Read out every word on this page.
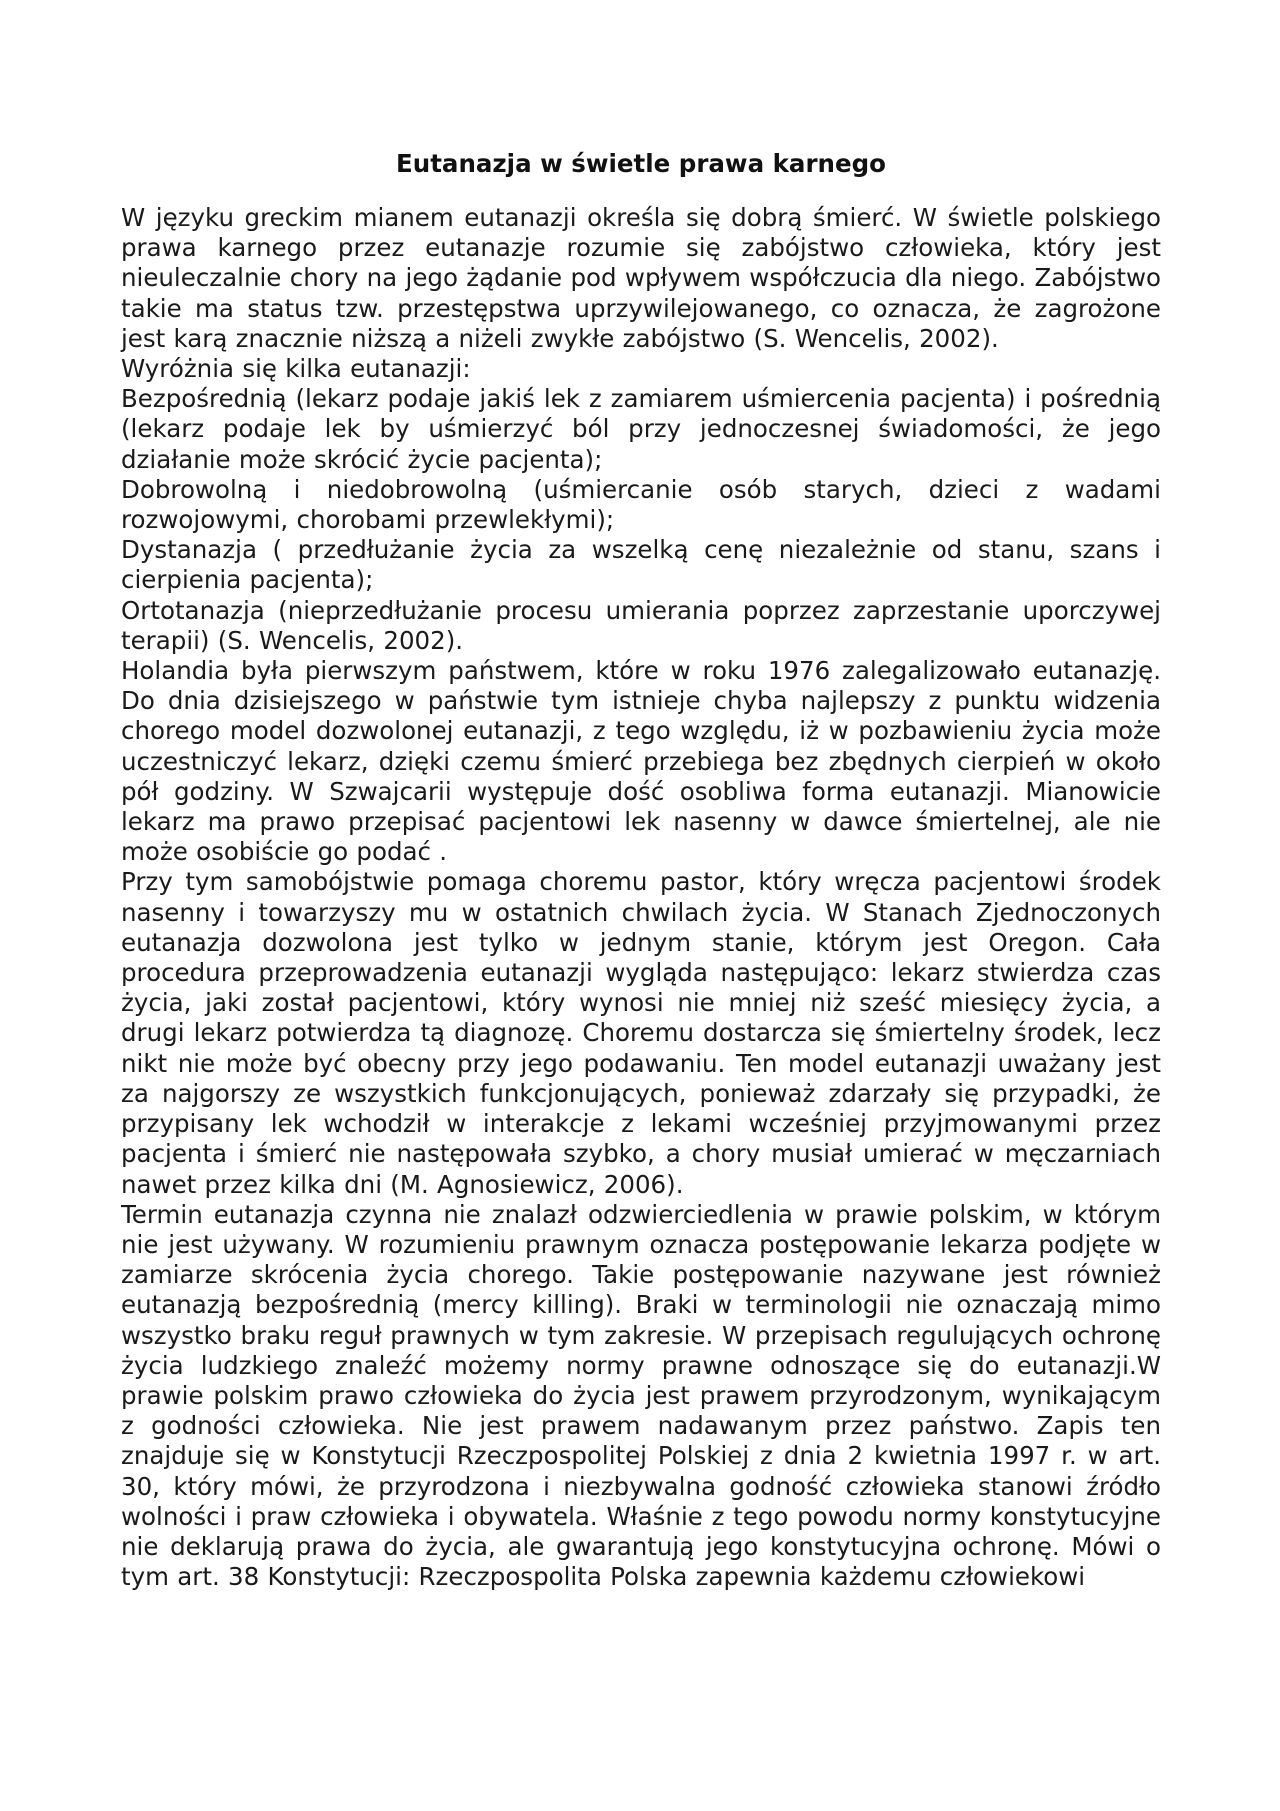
Eutanazja w świetle prawa karnego

W języku greckim mianem eutanazji określa się dobrą śmierć. W świetle polskiego prawa karnego przez eutanazje rozumie się zabójstwo człowieka, który jest nieuleczalnie chory na jego żądanie pod wpływem współczucia dla niego. Zabójstwo takie ma status tzw. przestępstwa uprzywilejowanego, co oznacza, że zagrożone jest karą znacznie niższą a niżeli zwykłe zabójstwo (S. Wencelis, 2002).

Wyróżnia się kilka eutanazji:

Bezpośrednią (lekarz podaje jakiś lek z zamiarem uśmiercenia pacjenta) i pośrednią (lekarz podaje lek by uśmierzyć ból przy jednoczesnej świadomości, że jego działanie może skrócić życie pacjenta);

Dobrowolną i niedobrowolną (uśmiercanie osób starych, dzieci z wadami rozwojowymi, chorobami przewlekłymi);

Dystanazja ( przedłużanie życia za wszelką cenę niezależnie od stanu, szans i cierpienia pacjenta);

Ortotanazja (nieprzedłużanie procesu umierania poprzez zaprzestanie uporczywej terapii) (S. Wencelis, 2002).

Holandia była pierwszym państwem, które w roku 1976 zalegalizowało eutanazję. Do dnia dzisiejszego w państwie tym istnieje chyba najlepszy z punktu widzenia chorego model dozwolonej eutanazji, z tego względu, iż w pozbawieniu życia może uczestniczyć lekarz, dzięki czemu śmierć przebiega bez zbędnych cierpień w około pół godziny. W Szwajcarii występuje dość osobliwa forma eutanazji. Mianowicie lekarz ma prawo przepisać pacjentowi lek nasenny w dawce śmiertelnej, ale nie może osobiście go podać .

Przy tym samobójstwie pomaga choremu pastor, który wręcza pacjentowi środek nasenny i towarzyszy mu w ostatnich chwilach życia. W Stanach Zjednoczonych eutanazja dozwolona jest tylko w jednym stanie, którym jest Oregon. Cała procedura przeprowadzenia eutanazji wygląda następująco: lekarz stwierdza czas życia, jaki został pacjentowi, który wynosi nie mniej niż sześć miesięcy życia, a drugi lekarz potwierdza tą diagnozę. Choremu dostarcza się śmiertelny środek, lecz nikt nie może być obecny przy jego podawaniu. Ten model eutanazji uważany jest za najgorszy ze wszystkich funkcjonujących, ponieważ zdarzały się przypadki, że przypisany lek wchodził w interakcje z lekami wcześniej przyjmowanymi przez pacjenta i śmierć nie następowała szybko, a chory musiał umierać w męczarniach nawet przez kilka dni (M. Agnosiewicz, 2006).

Termin eutanazja czynna nie znalazł odzwierciedlenia w prawie polskim, w którym nie jest używany. W rozumieniu prawnym oznacza postępowanie lekarza podjęte w zamiarze skrócenia życia chorego. Takie postępowanie nazywane jest również eutanazją bezpośrednią (mercy killing). Braki w terminologii nie oznaczają mimo wszystko braku reguł prawnych w tym zakresie. W przepisach regulujących ochronę życia ludzkiego znaleźć możemy normy prawne odnoszące się do eutanazji.W prawie polskim prawo człowieka do życia jest prawem przyrodzonym, wynikającym z godności człowieka. Nie jest prawem nadawanym przez państwo. Zapis ten znajduje się w Konstytucji Rzeczpospolitej Polskiej z dnia 2 kwietnia 1997 r. w art. 30, który mówi, że przyrodzona i niezbywalna godność człowieka stanowi źródło wolności i praw człowieka i obywatela. Właśnie z tego powodu normy konstytucyjne nie deklarują prawa do życia, ale gwarantują jego konstytucyjna ochronę. Mówi o tym art. 38 Konstytucji: Rzeczpospolita Polska zapewnia każdemu człowiekowi
